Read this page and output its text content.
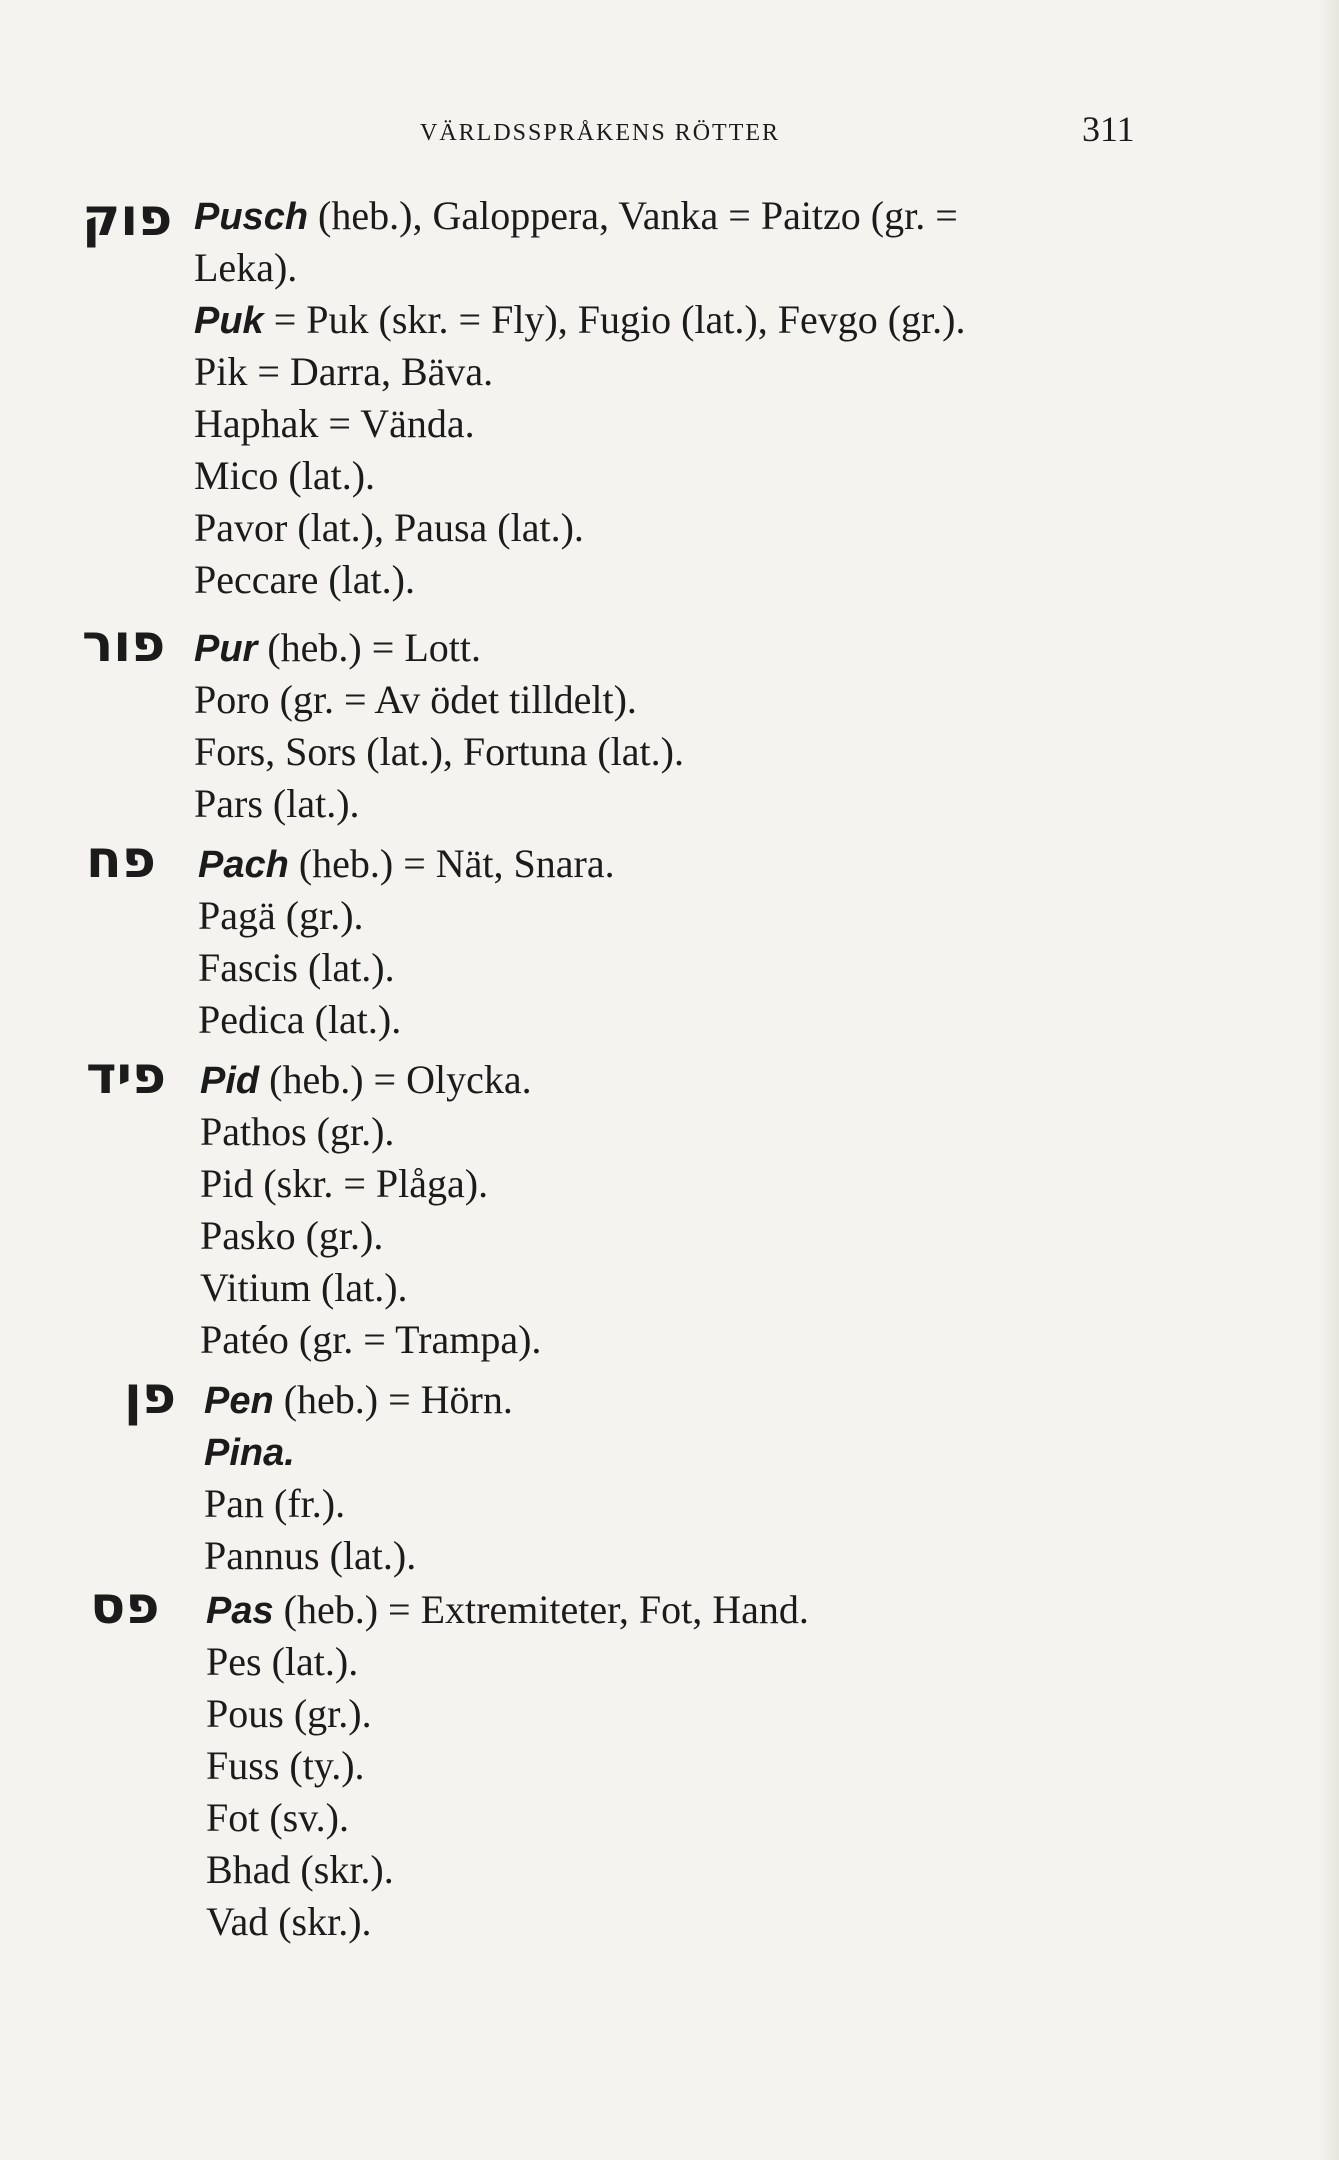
VÄRLDSSPRÅKENS RÖTTER	311
פוק Pusch (heb.), Galoppera, Vanka = Paitzo (gr. =
Leka).
Puk = Puk (skr. = Fly), Fugio (lat.), Fevgo (gr.).
Pik = Darra, Bäva.
Haphak = Vända.
Mico (lat.).
Pavor (lat.), Pausa (lat.).
Peccare (lat.).
פור Pur (heb.) = Lott.
Poro (gr. = Av ödet tilldelt).
Fors, Sors (lat.), Fortuna (lat.).
Pars (lat.).
פח Pach (heb.) = Nät, Snara.
Pagä (gr.).
Fascis (lat.).
Pedica (lat.).
פיד Pid (heb.) = Olycka.
Pathos (gr.).
Pid (skr. = Plåga).
Pasko (gr.).
Vitium (lat.).
Patéo (gr. = Trampa).
פן Pen (heb.) = Hörn.
Pina.
Pan (fr.).
Pannus (lat.).
פס Pas (heb.) = Extremiteter, Fot, Hand.
Pes (lat.).
Pous (gr.).
Fuss (ty.).
Fot (sv.).
Bhad (skr.).
Vad (skr.).
